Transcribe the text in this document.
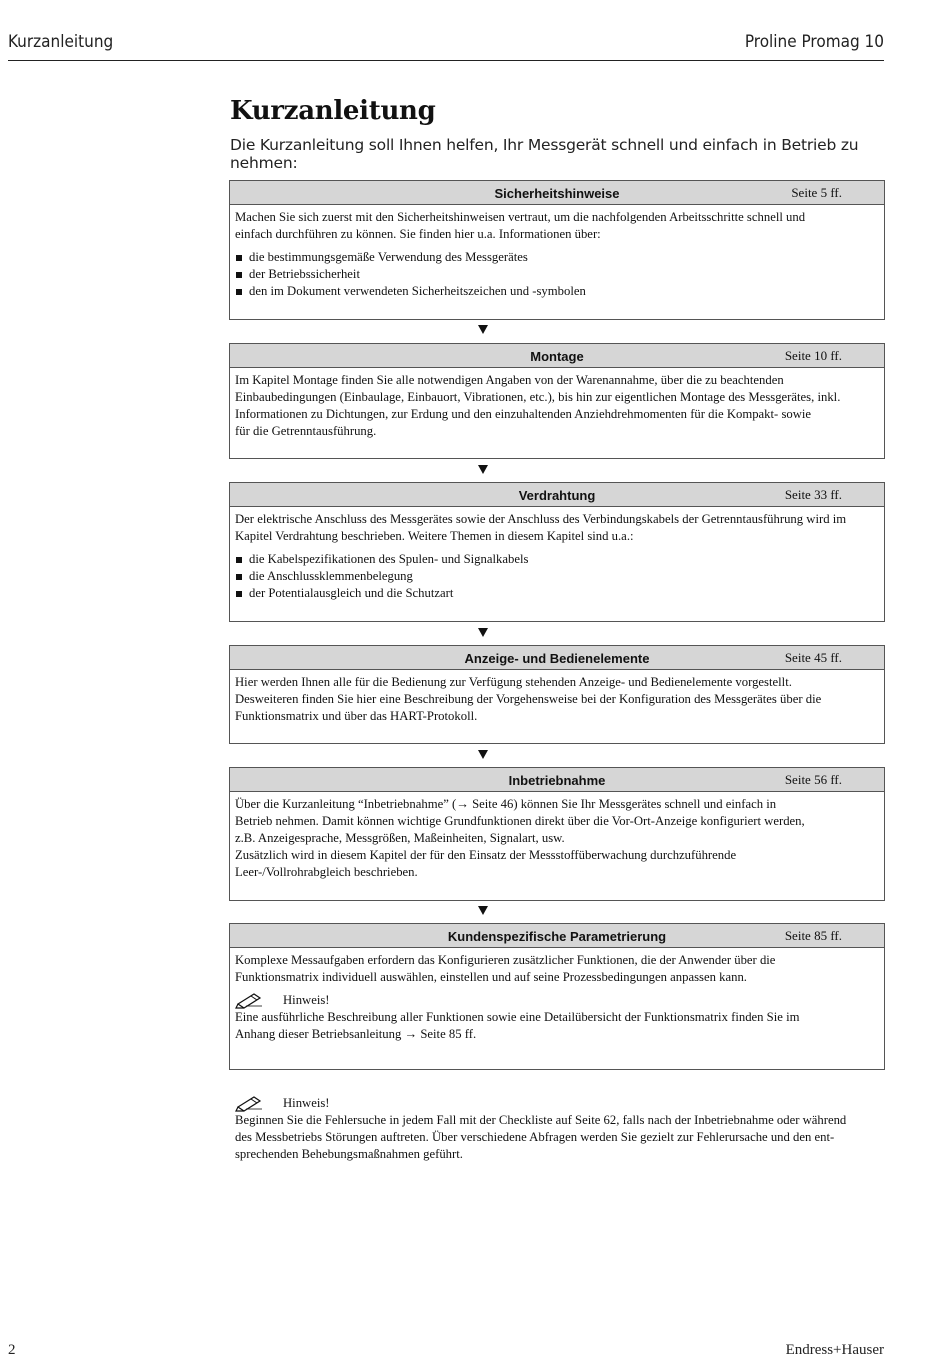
Kurzanleitung	Proline Promag 10
Kurzanleitung

Die Kurzanleitung soll Ihnen helfen, Ihr Messgerät schnell und einfach in Betrieb zu nehmen:

Sicherheitshinweise	Seite 5 ff.

Machen Sie sich zuerst mit den Sicherheitshinweisen vertraut, um die nachfolgenden Arbeitsschritte schnell und

einfach durchführen zu können. Sie finden hier u.a. Informationen über:

die bestimmungsgemäße Verwendung des Messgerätes
der Betriebssicherheit
den im Dokument verwendeten Sicherheitszeichen und -symbolen
Montage	Seite 10 ff.

Im Kapitel Montage finden Sie alle notwendigen Angaben von der Warenannahme, über die zu beachtenden

Einbaubedingungen (Einbaulage, Einbauort, Vibrationen, etc.), bis hin zur eigentlichen Montage des Messgerätes, inkl.

Informationen zu Dichtungen, zur Erdung und den einzuhaltenden Anziehdrehmomenten für die Kompakt- sowie

für die Getrenntausführung.

Verdrahtung	Seite 33 ff.

Der elektrische Anschluss des Messgerätes sowie der Anschluss des Verbindungskabels der Getrenntausführung wird im

Kapitel Verdrahtung beschrieben. Weitere Themen in diesem Kapitel sind u.a.:

die Kabelspezifikationen des Spulen- und Signalkabels
die Anschlussklemmenbelegung
der Potentialausgleich und die Schutzart
Anzeige- und Bedienelemente	Seite 45 ff.

Hier werden Ihnen alle für die Bedienung zur Verfügung stehenden Anzeige- und Bedienelemente vorgestellt.

Desweiteren finden Sie hier eine Beschreibung der Vorgehensweise bei der Konfiguration des Messgerätes über die

Funktionsmatrix und über das HART-Protokoll.

Inbetriebnahme	Seite 56 ff.

Über die Kurzanleitung “Inbetriebnahme” (→ Seite 46) können Sie Ihr Messgerätes schnell und einfach in

Betrieb nehmen. Damit können wichtige Grundfunktionen direkt über die Vor-Ort-Anzeige konfiguriert werden,

z.B. Anzeigesprache, Messgrößen, Maßeinheiten, Signalart, usw.

Zusätzlich wird in diesem Kapitel der für den Einsatz der Messstoffüberwachung durchzuführende

Leer-/Vollrohrabgleich beschrieben.

Kundenspezifische Parametrierung	Seite 85 ff.

Komplexe Messaufgaben erfordern das Konfigurieren zusätzlicher Funktionen, die der Anwender über die

Funktionsmatrix individuell auswählen, einstellen und auf seine Prozessbedingungen anpassen kann.

Hinweis!

Eine ausführliche Beschreibung aller Funktionen sowie eine Detailübersicht der Funktionsmatrix finden Sie im

Anhang dieser Betriebsanleitung → Seite 85 ff.

Hinweis!

Beginnen Sie die Fehlersuche in jedem Fall mit der Checkliste auf Seite 62, falls nach der Inbetriebnahme oder während

des Messbetriebs Störungen auftreten. Über verschiedene Abfragen werden Sie gezielt zur Fehlerursache und den ent-

sprechenden Behebungsmaßnahmen geführt.

2	Endress+Hauser
